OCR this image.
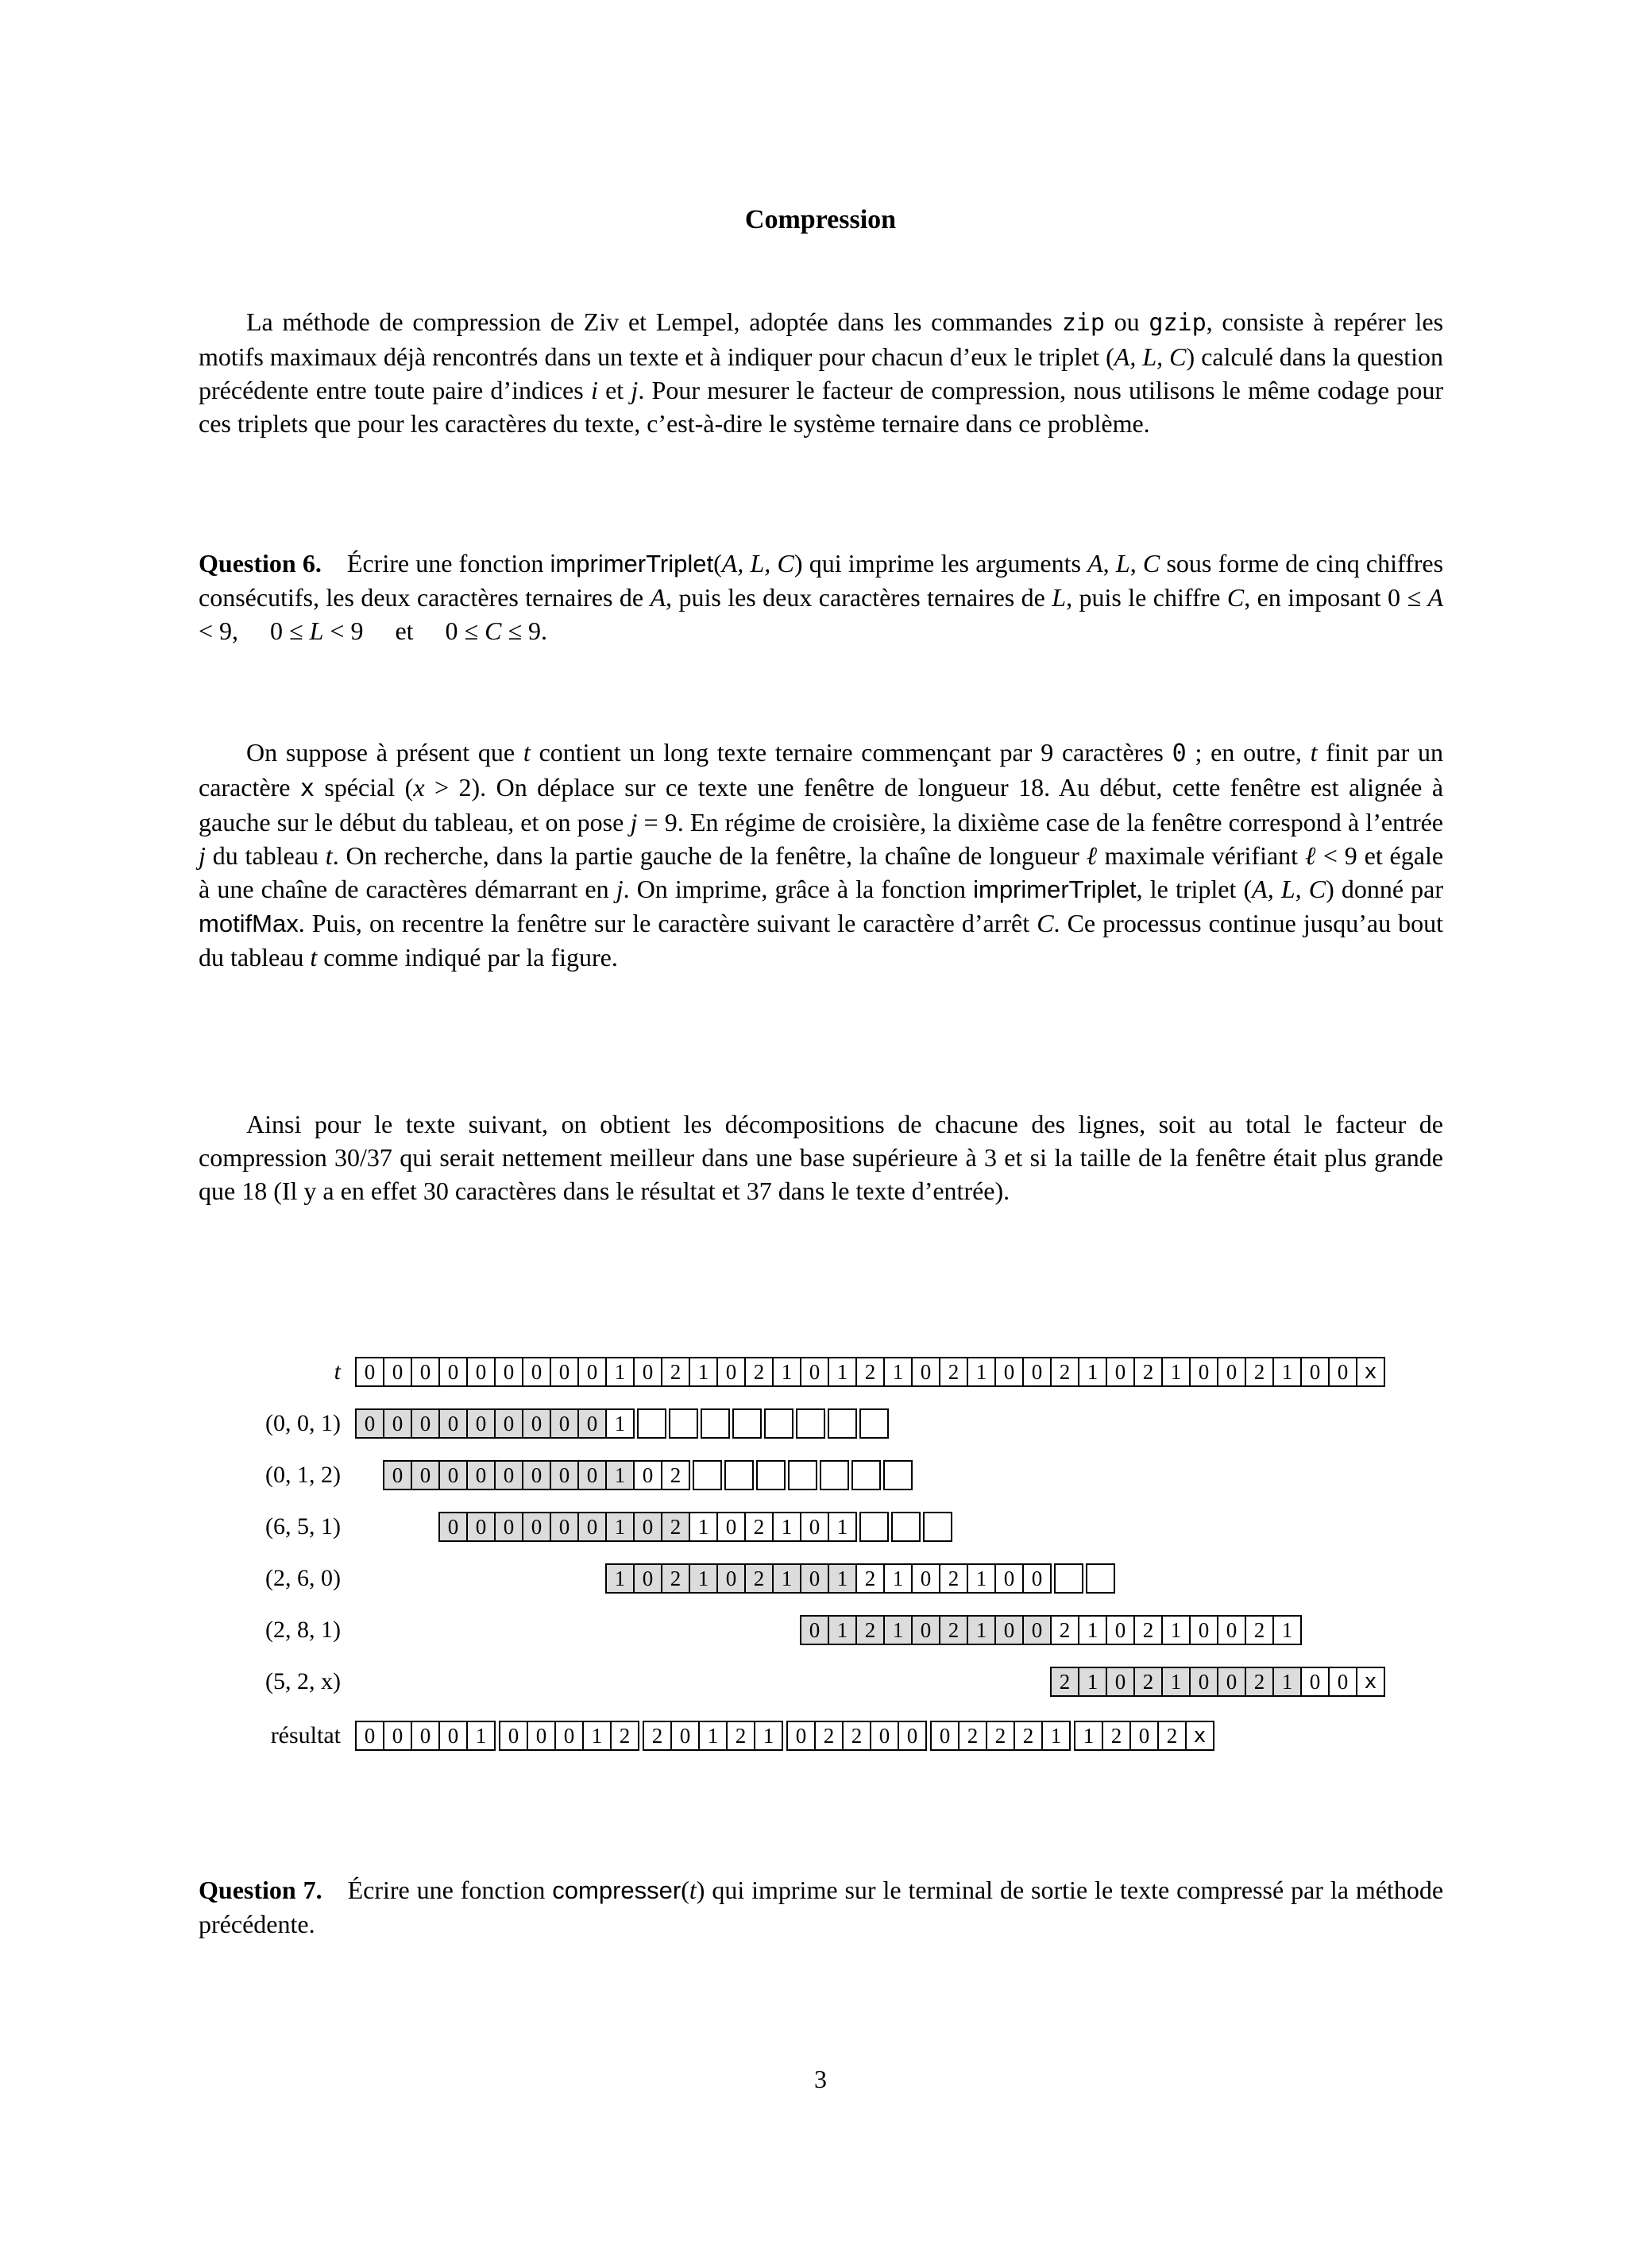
Compression
La méthode de compression de Ziv et Lempel, adoptée dans les commandes zip ou gzip, consiste à repérer les motifs maximaux déjà rencontrés dans un texte et à indiquer pour chacun d’eux le triplet (A, L, C) calculé dans la question précédente entre toute paire d’indices i et j. Pour mesurer le facteur de compression, nous utilisons le même codage pour ces triplets que pour les caractères du texte, c’est-à-dire le système ternaire dans ce problème.
Question 6. Écrire une fonction imprimerTriplet(A, L, C) qui imprime les arguments A, L, C sous forme de cinq chiffres consécutifs, les deux caractères ternaires de A, puis les deux caractères ternaires de L, puis le chiffre C, en imposant 0 ≤ A < 9,  0 ≤ L < 9  et  0 ≤ C ≤ 9.
On suppose à présent que t contient un long texte ternaire commençant par 9 caractères 0 ; en outre, t finit par un caractère x spécial (x > 2). On déplace sur ce texte une fenêtre de longueur 18. Au début, cette fenêtre est alignée à gauche sur le début du tableau, et on pose j = 9. En régime de croisière, la dixième case de la fenêtre correspond à l’entrée j du tableau t. On recherche, dans la partie gauche de la fenêtre, la chaîne de longueur ℓ maximale vérifiant ℓ < 9 et égale à une chaîne de caractères démarrant en j. On imprime, grâce à la fonction imprimerTriplet, le triplet (A, L, C) donné par motifMax. Puis, on recentre la fenêtre sur le caractère suivant le caractère d’arrêt C. Ce processus continue jusqu’au bout du tableau t comme indiqué par la figure.
Ainsi pour le texte suivant, on obtient les décompositions de chacune des lignes, soit au total le facteur de compression 30/37 qui serait nettement meilleur dans une base supérieure à 3 et si la taille de la fenêtre était plus grande que 18 (Il y a en effet 30 caractères dans le résultat et 37 dans le texte d’entrée).
t	0 0 0 0 0 0 0 0 0 1 0 2 1 0 2 1 0 1 2 1 0 2 1 0 0 2 1 0 2 1 0 0 2 1 0 0 x
(0, 0, 1)	0 0 0 0 0 0 0 0 0 1
(0, 1, 2)	0 0 0 0 0 0 0 0 1 0 2
(6, 5, 1)	0 0 0 0 0 0 1 0 2 1 0 2 1 0 1
(2, 6, 0)	1 0 2 1 0 2 1 0 1 2 1 0 2 1 0 0
(2, 8, 1)	0 1 2 1 0 2 1 0 0 2 1 0 2 1 0 0 2 1
(5, 2, x)	2 1 0 2 1 0 0 2 1 0 0 x
résultat	0 0 0 0 1	0 0 0 1 2	2 0 1 2 1	0 2 2 0 0	0 2 2 2 1	1 2 0 2 x
Question 7. Écrire une fonction compresser(t) qui imprime sur le terminal de sortie le texte compressé par la méthode précédente.
3
